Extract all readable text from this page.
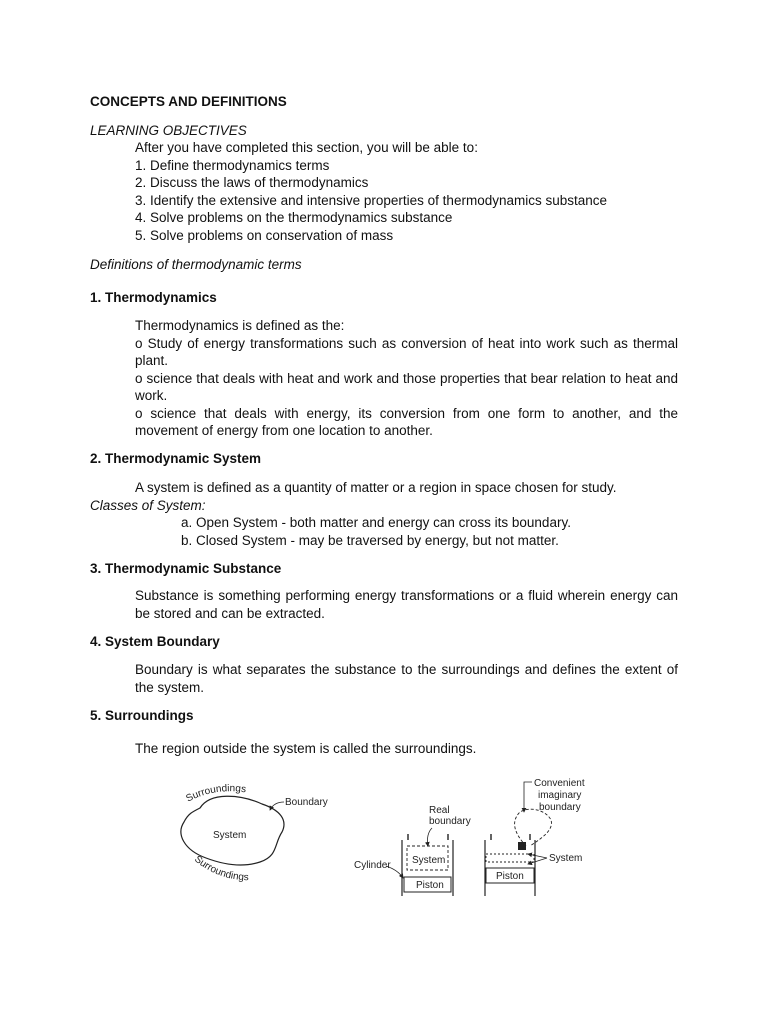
CONCEPTS AND DEFINITIONS
LEARNING OBJECTIVES
After you have completed this section, you will be able to:
1. Define thermodynamics terms
2. Discuss the laws of thermodynamics
3. Identify the extensive and intensive properties of thermodynamics substance
4. Solve problems on the thermodynamics substance
5. Solve problems on conservation of mass
Definitions of thermodynamic terms
1. Thermodynamics

Thermodynamics is defined as the:

o Study of energy transformations such as conversion of heat into work such as thermal plant.

o science that deals with heat and work and those properties that bear relation to heat and work.

o science that deals with energy, its conversion from one form to another, and the movement of energy from one location to another.

2. Thermodynamic System
A system is defined as a quantity of matter or a region in space chosen for study.
Classes of System:
a. Open System - both matter and energy can cross its boundary.
b. Closed System - may be traversed by energy, but not matter.
3. Thermodynamic Substance
Substance is something performing energy transformations or a fluid wherein energy can be stored and can be extracted.
4. System Boundary
Boundary is what separates the substance to the surroundings and defines the extent of the system.
5. Surroundings
The region outside the system is called the surroundings.
Surroundings
Surroundings
System
Boundary
System
Piston
Real
boundary
Cylinder
Piston
Convenient
imaginary
boundary
System
